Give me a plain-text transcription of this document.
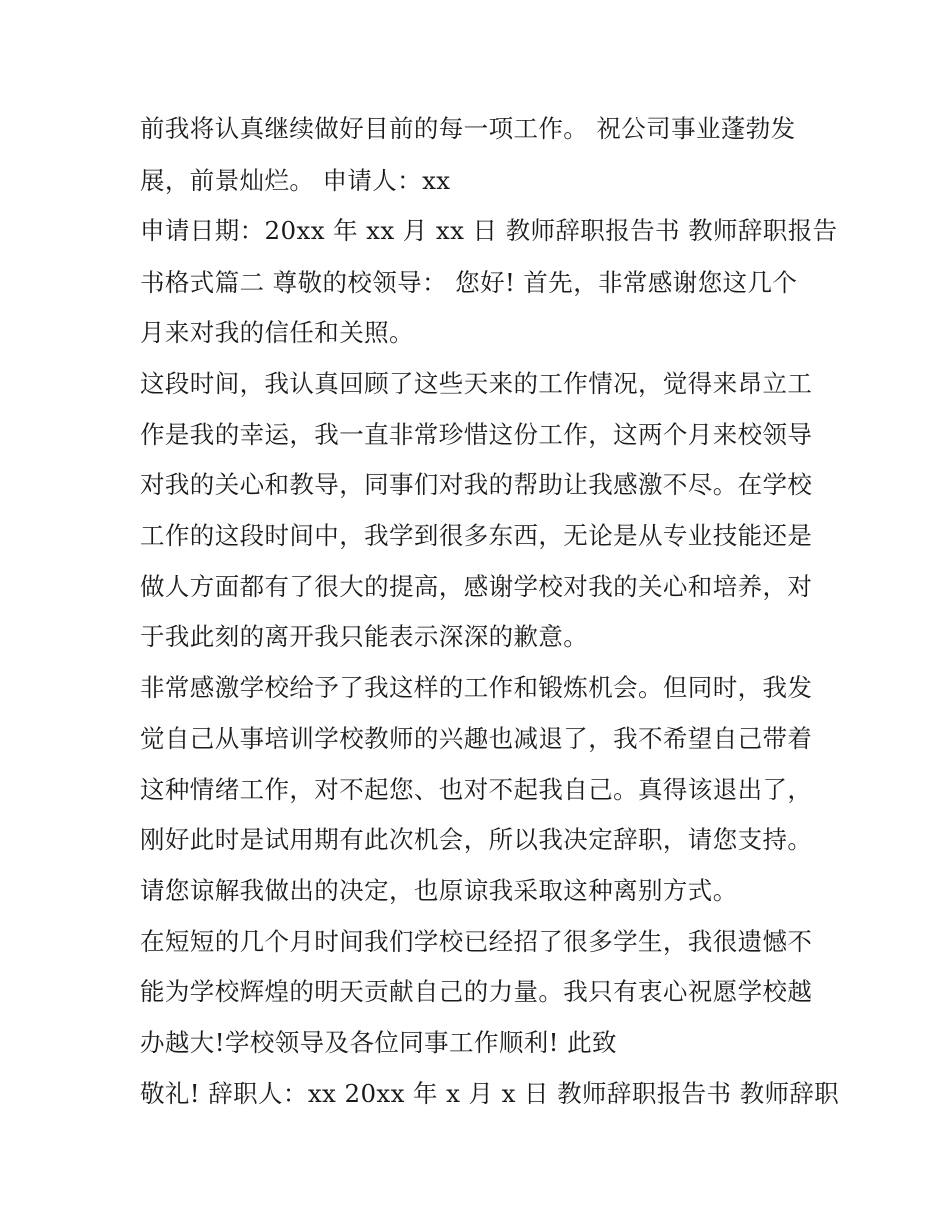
前我将认真继续做好目前的每一项工作。 祝公司事业蓬勃发
展，前景灿烂。 申请人：xx
申请日期：20xx 年 xx 月 xx 日 教师辞职报告书 教师辞职报告
书格式篇二 尊敬的校领导： 您好! 首先，非常感谢您这几个
月来对我的信任和关照。
这段时间，我认真回顾了这些天来的工作情况，觉得来昂立工
作是我的幸运，我一直非常珍惜这份工作，这两个月来校领导
对我的关心和教导，同事们对我的帮助让我感激不尽。在学校
工作的这段时间中，我学到很多东西，无论是从专业技能还是
做人方面都有了很大的提高，感谢学校对我的关心和培养，对
于我此刻的离开我只能表示深深的歉意。
非常感激学校给予了我这样的工作和锻炼机会。但同时，我发
觉自己从事培训学校教师的兴趣也减退了，我不希望自己带着
这种情绪工作，对不起您、也对不起我自己。真得该退出了，
刚好此时是试用期有此次机会，所以我决定辞职，请您支持。
请您谅解我做出的决定，也原谅我采取这种离别方式。
在短短的几个月时间我们学校已经招了很多学生，我很遗憾不
能为学校辉煌的明天贡献自己的力量。我只有衷心祝愿学校越
办越大!学校领导及各位同事工作顺利! 此致
敬礼! 辞职人：xx 20xx 年 x 月 x 日 教师辞职报告书 教师辞职
